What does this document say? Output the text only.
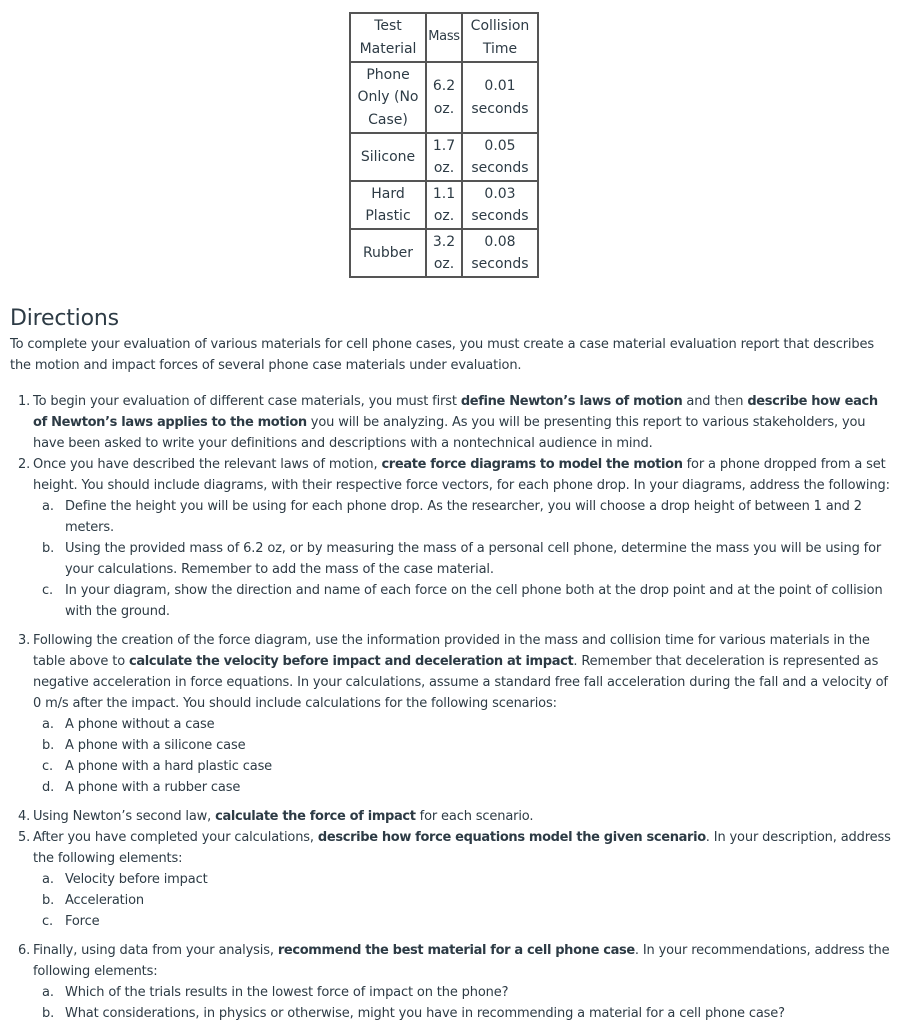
Test Material	Mass	Collision Time
Phone Only (No Case)	6.2 oz.	0.01 seconds
Silicone	1.7 oz.	0.05 seconds
Hard Plastic	1.1 oz.	0.03 seconds
Rubber	3.2 oz.	0.08 seconds
Directions

To complete your evaluation of various materials for cell phone cases, you must create a case material evaluation report that describes the motion and impact forces of several phone case materials under evaluation.

1. To begin your evaluation of different case materials, you must first define Newton’s laws of motion and then describe how each of Newton’s laws applies to the motion you will be analyzing. As you will be presenting this report to various stakeholders, you have been asked to write your definitions and descriptions with a nontechnical audience in mind.
2. Once you have described the relevant laws of motion, create force diagrams to model the motion for a phone dropped from a set height. You should include diagrams, with their respective force vectors, for each phone drop. In your diagrams, address the following:
a. Define the height you will be using for each phone drop. As the researcher, you will choose a drop height of between 1 and 2 meters.
b. Using the provided mass of 6.2 oz, or by measuring the mass of a personal cell phone, determine the mass you will be using for your calculations. Remember to add the mass of the case material.
c. In your diagram, show the direction and name of each force on the cell phone both at the drop point and at the point of collision with the ground.
3. Following the creation of the force diagram, use the information provided in the mass and collision time for various materials in the table above to calculate the velocity before impact and deceleration at impact. Remember that deceleration is represented as negative acceleration in force equations. In your calculations, assume a standard free fall acceleration during the fall and a velocity of 0 m/s after the impact. You should include calculations for the following scenarios:
a. A phone without a case
b. A phone with a silicone case
c. A phone with a hard plastic case
d. A phone with a rubber case
4. Using Newton’s second law, calculate the force of impact for each scenario.
5. After you have completed your calculations, describe how force equations model the given scenario. In your description, address the following elements:
a. Velocity before impact
b. Acceleration
c. Force
6. Finally, using data from your analysis, recommend the best material for a cell phone case. In your recommendations, address the following elements:
a. Which of the trials results in the lowest force of impact on the phone?
b. What considerations, in physics or otherwise, might you have in recommending a material for a cell phone case?
